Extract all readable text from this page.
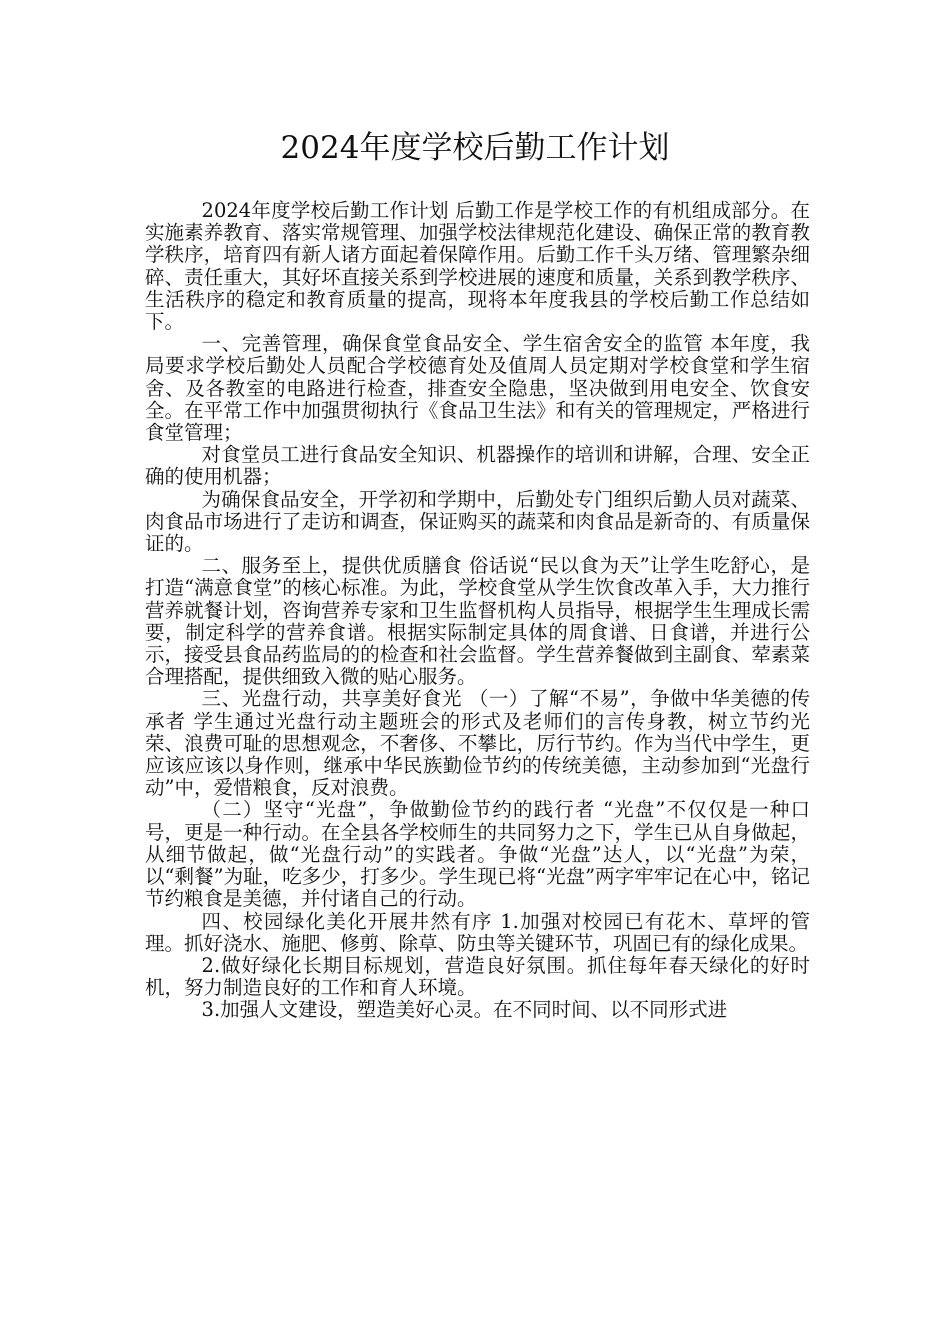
2024年度学校后勤工作计划

2024年度学校后勤工作计划 后勤工作是学校工作的有机组成部分。在实施素养教育、落实常规管理、加强学校法律规范化建设、确保正常的教育教学秩序，培育四有新人诸方面起着保障作用。后勤工作千头万绪、管理繁杂细碎、责任重大，其好坏直接关系到学校进展的速度和质量，关系到教学秩序、生活秩序的稳定和教育质量的提高，现将本年度我县的学校后勤工作总结如下。

一、完善管理，确保食堂食品安全、学生宿舍安全的监管 本年度，我局要求学校后勤处人员配合学校德育处及值周人员定期对学校食堂和学生宿舍、及各教室的电路进行检查，排查安全隐患，坚决做到用电安全、饮食安全。在平常工作中加强贯彻执行《食品卫生法》和有关的管理规定，严格进行食堂管理；

对食堂员工进行食品安全知识、机器操作的培训和讲解，合理、安全正确的使用机器；

为确保食品安全，开学初和学期中，后勤处专门组织后勤人员对蔬菜、肉食品市场进行了走访和调查，保证购买的蔬菜和肉食品是新奇的、有质量保证的。

二、服务至上，提供优质膳食 俗话说“民以食为天”让学生吃舒心，是打造“满意食堂”的核心标准。为此，学校食堂从学生饮食改革入手，大力推行营养就餐计划，咨询营养专家和卫生监督机构人员指导，根据学生生理成长需要，制定科学的营养食谱。根据实际制定具体的周食谱、日食谱，并进行公示，接受县食品药监局的的检查和社会监督。学生营养餐做到主副食、荤素菜合理搭配，提供细致入微的贴心服务。

三、光盘行动，共享美好食光 （一）了解“不易”，争做中华美德的传承者 学生通过光盘行动主题班会的形式及老师们的言传身教，树立节约光荣、浪费可耻的思想观念，不奢侈、不攀比，厉行节约。作为当代中学生，更应该应该以身作则，继承中华民族勤俭节约的传统美德，主动参加到“光盘行动”中，爱惜粮食，反对浪费。

（二）坚守“光盘”，争做勤俭节约的践行者 “光盘”不仅仅是一种口号，更是一种行动。在全县各学校师生的共同努力之下，学生已从自身做起，从细节做起，做“光盘行动”的实践者。争做“光盘”达人，以“光盘”为荣，以“剩餐”为耻，吃多少，打多少。学生现已将“光盘”两字牢牢记在心中，铭记节约粮食是美德，并付诸自己的行动。

四、校园绿化美化开展井然有序 1.加强对校园已有花木、草坪的管理。抓好浇水、施肥、修剪、除草、防虫等关键环节，巩固已有的绿化成果。

2.做好绿化长期目标规划，营造良好氛围。抓住每年春天绿化的好时机，努力制造良好的工作和育人环境。

3.加强人文建设，塑造美好心灵。在不同时间、以不同形式进
